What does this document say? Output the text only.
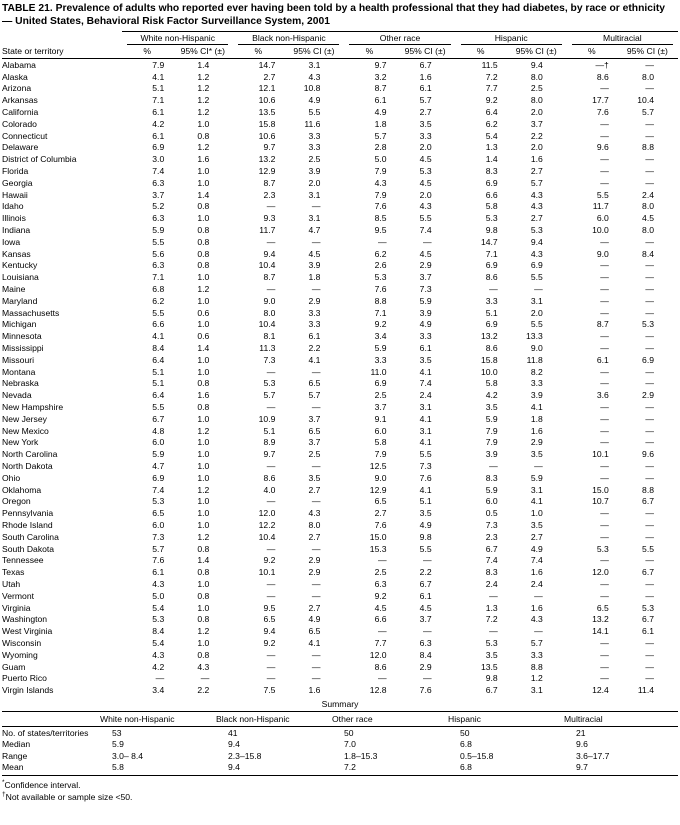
TABLE 21. Prevalence of adults who reported ever having been told by a health professional that they had diabetes, by race or ethnicity — United States, Behavioral Risk Factor Surveillance System, 2001

	White non-Hispanic		Black non-Hispanic		Other race		Hispanic		Multiracial	

State or territory	%	95% CI* (±)	%	95% CI (±)	%	95% CI (±)	%	95% CI (±)	%	95% CI (±)
Alabama	7.9	1.4	14.7	3.1	9.7	6.7	11.5	9.4	—†	—
Alaska	4.1	1.2	2.7	4.3	3.2	1.6	7.2	8.0	8.6	8.0
Arizona	5.1	1.2	12.1	10.8	8.7	6.1	7.7	2.5	—	—
Arkansas	7.1	1.2	10.6	4.9	6.1	5.7	9.2	8.0	17.7	10.4
California	6.1	1.2	13.5	5.5	4.9	2.7	6.4	2.0	7.6	5.7
Colorado	4.2	1.0	15.8	11.6	1.8	3.5	6.2	3.7	—	—
Connecticut	6.1	0.8	10.6	3.3	5.7	3.3	5.4	2.2	—	—
Delaware	6.9	1.2	9.7	3.3	2.8	2.0	1.3	2.0	9.6	8.8
District of Columbia	3.0	1.6	13.2	2.5	5.0	4.5	1.4	1.6	—	—
Florida	7.4	1.0	12.9	3.9	7.9	5.3	8.3	2.7	—	—
Georgia	6.3	1.0	8.7	2.0	4.3	4.5	6.9	5.7	—	—
Hawaii	3.7	1.4	2.3	3.1	7.9	2.0	6.6	4.3	5.5	2.4
Idaho	5.2	0.8	—	—	7.6	4.3	5.8	4.3	11.7	8.0
Illinois	6.3	1.0	9.3	3.1	8.5	5.5	5.3	2.7	6.0	4.5
Indiana	5.9	0.8	11.7	4.7	9.5	7.4	9.8	5.3	10.0	8.0
Iowa	5.5	0.8	—	—	—	—	14.7	9.4	—	—
Kansas	5.6	0.8	9.4	4.5	6.2	4.5	7.1	4.3	9.0	8.4
Kentucky	6.3	0.8	10.4	3.9	2.6	2.9	6.9	6.9	—	—
Louisiana	7.1	1.0	8.7	1.8	5.3	3.7	8.6	5.5	—	—
Maine	6.8	1.2	—	—	7.6	7.3	—	—	—	—
Maryland	6.2	1.0	9.0	2.9	8.8	5.9	3.3	3.1	—	—
Massachusetts	5.5	0.6	8.0	3.3	7.1	3.9	5.1	2.0	—	—
Michigan	6.6	1.0	10.4	3.3	9.2	4.9	6.9	5.5	8.7	5.3
Minnesota	4.1	0.6	8.1	6.1	3.4	3.3	13.2	13.3	—	—
Mississippi	8.4	1.4	11.3	2.2	5.9	6.1	8.6	9.0	—	—
Missouri	6.4	1.0	7.3	4.1	3.3	3.5	15.8	11.8	6.1	6.9
Montana	5.1	1.0	—	—	11.0	4.1	10.0	8.2	—	—
Nebraska	5.1	0.8	5.3	6.5	6.9	7.4	5.8	3.3	—	—
Nevada	6.4	1.6	5.7	5.7	2.5	2.4	4.2	3.9	3.6	2.9
New Hampshire	5.5	0.8	—	—	3.7	3.1	3.5	4.1	—	—
New Jersey	6.7	1.0	10.9	3.7	9.1	4.1	5.9	1.8	—	—
New Mexico	4.8	1.2	5.1	6.5	6.0	3.1	7.9	1.6	—	—
New York	6.0	1.0	8.9	3.7	5.8	4.1	7.9	2.9	—	—
North Carolina	5.9	1.0	9.7	2.5	7.9	5.5	3.9	3.5	10.1	9.6
North Dakota	4.7	1.0	—	—	12.5	7.3	—	—	—	—
Ohio	6.9	1.0	8.6	3.5	9.0	7.6	8.3	5.9	—	—
Oklahoma	7.4	1.2	4.0	2.7	12.9	4.1	5.9	3.1	15.0	8.8
Oregon	5.3	1.0	—	—	6.5	5.1	6.0	4.1	10.7	6.7
Pennsylvania	6.5	1.0	12.0	4.3	2.7	3.5	0.5	1.0	—	—
Rhode Island	6.0	1.0	12.2	8.0	7.6	4.9	7.3	3.5	—	—
South Carolina	7.3	1.2	10.4	2.7	15.0	9.8	2.3	2.7	—	—
South Dakota	5.7	0.8	—	—	15.3	5.5	6.7	4.9	5.3	5.5
Tennessee	7.6	1.4	9.2	2.9	—	—	7.4	7.4	—	—
Texas	6.1	0.8	10.1	2.9	2.5	2.2	8.3	1.6	12.0	6.7
Utah	4.3	1.0	—	—	6.3	6.7	2.4	2.4	—	—
Vermont	5.0	0.8	—	—	9.2	6.1	—	—	—	—
Virginia	5.4	1.0	9.5	2.7	4.5	4.5	1.3	1.6	6.5	5.3
Washington	5.3	0.8	6.5	4.9	6.6	3.7	7.2	4.3	13.2	6.7
West Virginia	8.4	1.2	9.4	6.5	—	—	—	—	14.1	6.1
Wisconsin	5.4	1.0	9.2	4.1	7.7	6.3	5.3	5.7	—	—
Wyoming	4.3	0.8	—	—	12.0	8.4	3.5	3.3	—	—
Guam	4.2	4.3	—	—	8.6	2.9	13.5	8.8	—	—
Puerto Rico	—	—	—	—	—	—	9.8	1.2	—	—
Virgin Islands	3.4	2.2	7.5	1.6	12.8	7.6	6.7	3.1	12.4	11.4
Summary
	White non-Hispanic	Black non-Hispanic	Other race	Hispanic	Multiracial
No. of states/territories	53	41	50	50	21
Median	5.9	9.4	7.0	6.8	9.6
Range	3.0– 8.4	2.3–15.8	1.8–15.3	0.5–15.8	3.6–17.7
Mean	5.8	9.4	7.2	6.8	9.7
*Confidence interval.
†Not available or sample size <50.
